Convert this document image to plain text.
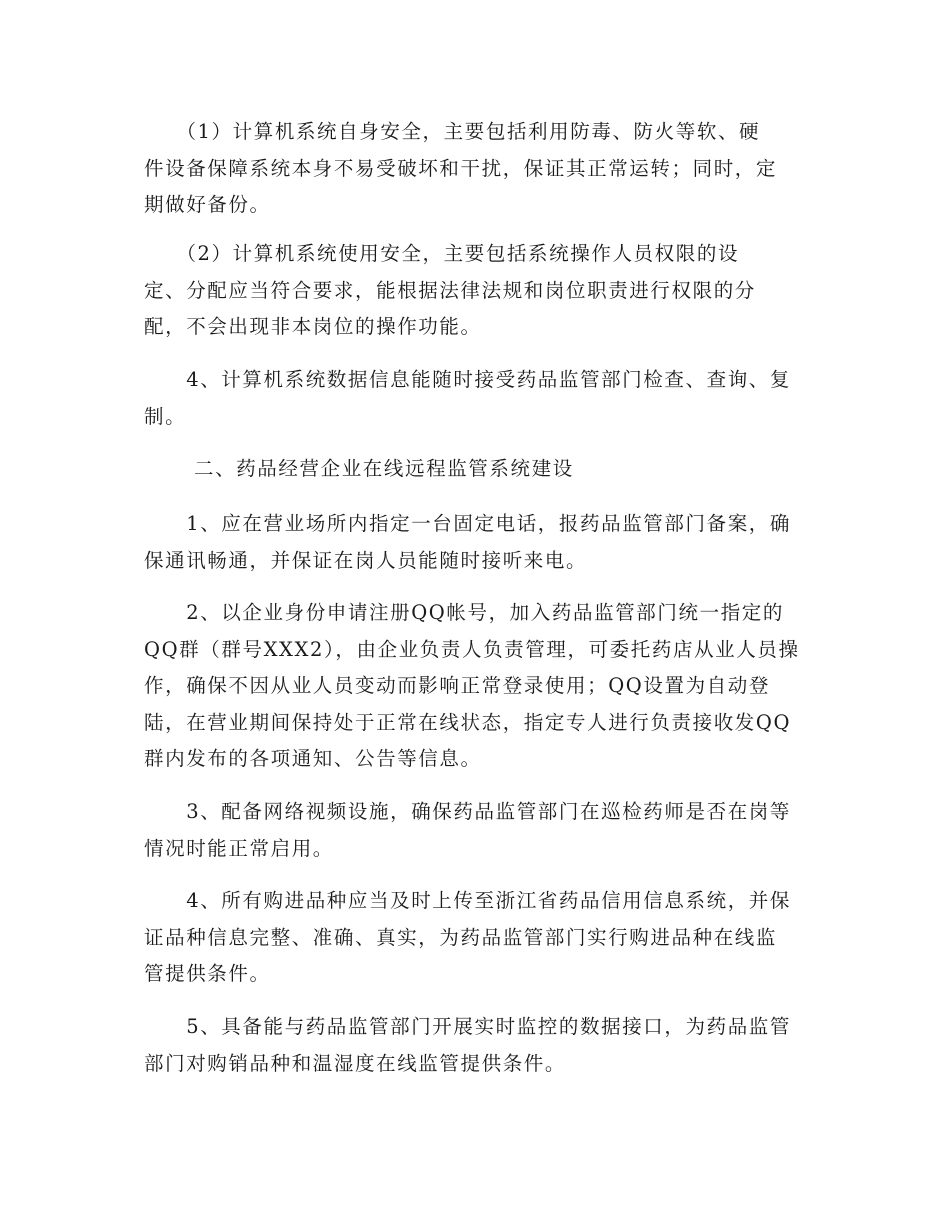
　　（1）计算机系统自身安全，主要包括利用防毒、防火等软、硬
件设备保障系统本身不易受破坏和干扰，保证其正常运转；同时，定
期做好备份。

　　（2）计算机系统使用安全，主要包括系统操作人员权限的设
定、分配应当符合要求，能根据法律法规和岗位职责进行权限的分
配，不会出现非本岗位的操作功能。

　　4、计算机系统数据信息能随时接受药品监管部门检查、查询、复
制。

　　 二、药品经营企业在线远程监管系统建设

　　1、应在营业场所内指定一台固定电话，报药品监管部门备案，确
保通讯畅通，并保证在岗人员能随时接听来电。

　　2、以企业身份申请注册QQ帐号，加入药品监管部门统一指定的
QQ群（群号XXX2），由企业负责人负责管理，可委托药店从业人员操
作，确保不因从业人员变动而影响正常登录使用；QQ设置为自动登
陆，在营业期间保持处于正常在线状态，指定专人进行负责接收发QQ
群内发布的各项通知、公告等信息。

　　3、配备网络视频设施，确保药品监管部门在巡检药师是否在岗等
情况时能正常启用。

　　4、所有购进品种应当及时上传至浙江省药品信用信息系统，并保
证品种信息完整、准确、真实，为药品监管部门实行购进品种在线监
管提供条件。

　　5、具备能与药品监管部门开展实时监控的数据接口，为药品监管
部门对购销品种和温湿度在线监管提供条件。
